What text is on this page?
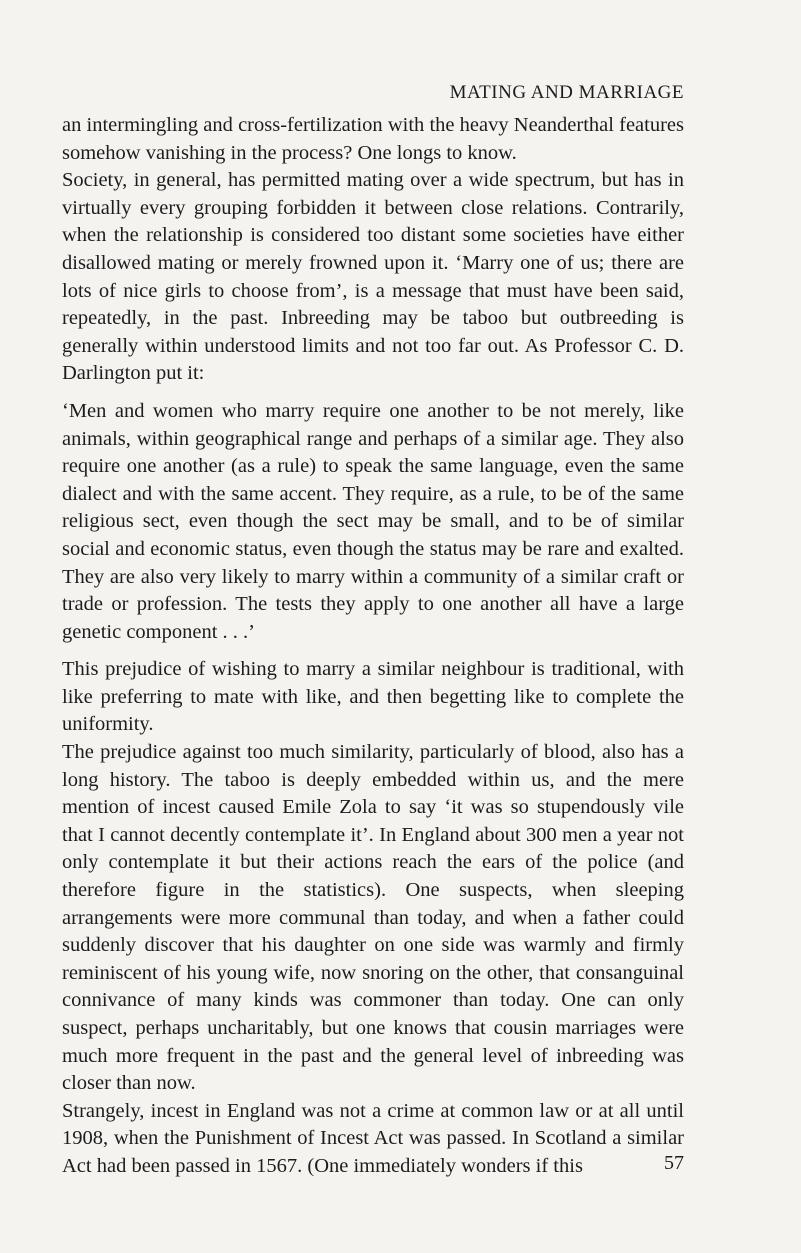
MATING AND MARRIAGE

an intermingling and cross-fertilization with the heavy Neanderthal features somehow vanishing in the process? One longs to know.

Society, in general, has permitted mating over a wide spectrum, but has in virtually every grouping forbidden it between close relations. Contrarily, when the relationship is considered too distant some societies have either disallowed mating or merely frowned upon it. ‘Marry one of us; there are lots of nice girls to choose from’, is a message that must have been said, repeatedly, in the past. Inbreeding may be taboo but outbreeding is generally within understood limits and not too far out. As Professor C. D. Darlington put it:

‘Men and women who marry require one another to be not merely, like animals, within geographical range and perhaps of a similar age. They also require one another (as a rule) to speak the same language, even the same dialect and with the same accent. They require, as a rule, to be of the same religious sect, even though the sect may be small, and to be of similar social and economic status, even though the status may be rare and exalted. They are also very likely to marry within a community of a similar craft or trade or profession. The tests they apply to one another all have a large genetic component . . .’

This prejudice of wishing to marry a similar neighbour is traditional, with like preferring to mate with like, and then begetting like to complete the uniformity.

The prejudice against too much similarity, particularly of blood, also has a long history. The taboo is deeply embedded within us, and the mere mention of incest caused Emile Zola to say ‘it was so stupendously vile that I cannot decently contemplate it’. In England about 300 men a year not only contemplate it but their actions reach the ears of the police (and therefore figure in the statistics). One suspects, when sleeping arrangements were more communal than today, and when a father could suddenly discover that his daughter on one side was warmly and firmly reminiscent of his young wife, now snoring on the other, that consanguinal connivance of many kinds was commoner than today. One can only suspect, perhaps uncharitably, but one knows that cousin marriages were much more frequent in the past and the general level of inbreeding was closer than now.

Strangely, incest in England was not a crime at common law or at all until 1908, when the Punishment of Incest Act was passed. In Scotland a similar Act had been passed in 1567. (One immediately wonders if this	57
